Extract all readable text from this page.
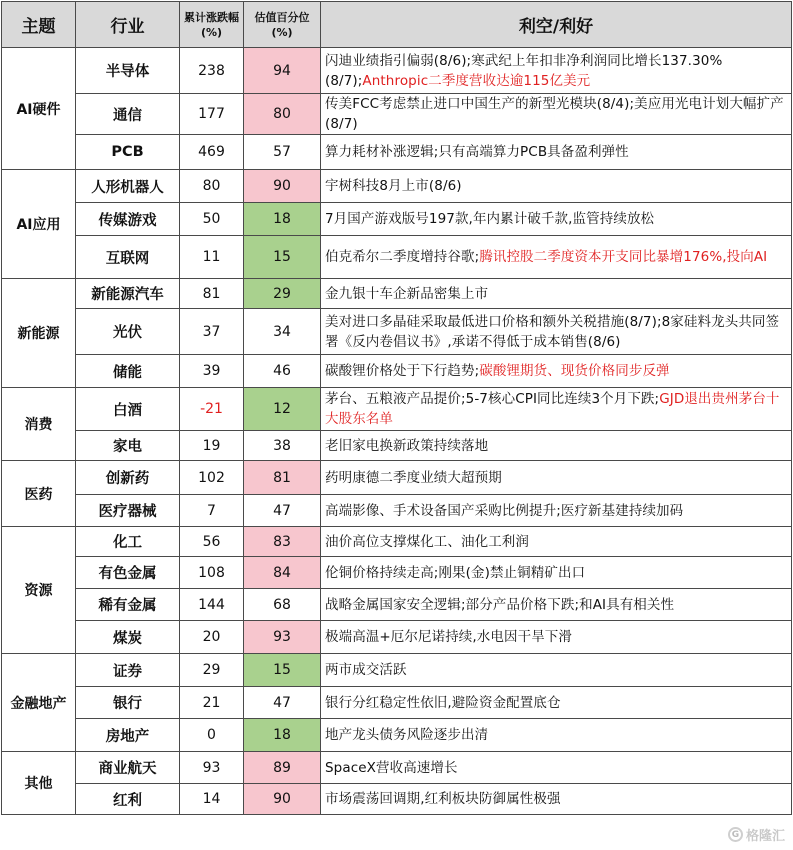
主题	行业	累计涨跌幅(%)	估值百分位(%)	利空/利好
AI硬件	半导体	238	94	闪迪业绩指引偏弱(8/6);寒武纪上年扣非净利润同比增长137.30%(8/7);Anthropic二季度营收达逾115亿美元
	通信	177	80	传美FCC考虑禁止进口中国生产的新型光模块(8/4);美应用光电计划大幅扩产(8/7)
	PCB	469	57	算力耗材补涨逻辑;只有高端算力PCB具备盈利弹性
AI应用	人形机器人	80	90	宇树科技8月上市(8/6)
	传媒游戏	50	18	7月国产游戏版号197款,年内累计破千款,监管持续放松
	互联网	11	15	伯克希尔二季度增持谷歌;腾讯控股二季度资本开支同比暴增176%,投向AI
新能源	新能源汽车	81	29	金九银十车企新品密集上市
	光伏	37	34	美对进口多晶硅采取最低进口价格和额外关税措施(8/7);8家硅料龙头共同签署《反内卷倡议书》,承诺不得低于成本销售(8/6)
	储能	39	46	碳酸锂价格处于下行趋势;碳酸锂期货、现货价格同步反弹
消费	白酒	-21	12	茅台、五粮液产品提价;5-7核心CPI同比连续3个月下跌;GJD退出贵州茅台十大股东名单
	家电	19	38	老旧家电换新政策持续落地
医药	创新药	102	81	药明康德二季度业绩大超预期
	医疗器械	7	47	高端影像、手术设备国产采购比例提升;医疗新基建持续加码
资源	化工	56	83	油价高位支撑煤化工、油化工利润
	有色金属	108	84	伦铜价格持续走高;刚果(金)禁止铜精矿出口
	稀有金属	144	68	战略金属国家安全逻辑;部分产品价格下跌;和AI具有相关性
	煤炭	20	93	极端高温+厄尔尼诺持续,水电因干旱下滑
金融地产	证券	29	15	两市成交活跃
	银行	21	47	银行分红稳定性依旧,避险资金配置底仓
	房地产	0	18	地产龙头债务风险逐步出清
其他	商业航天	93	89	SpaceX营收高速增长
	红利	14	90	市场震荡回调期,红利板块防御属性极强
G 格隆汇
